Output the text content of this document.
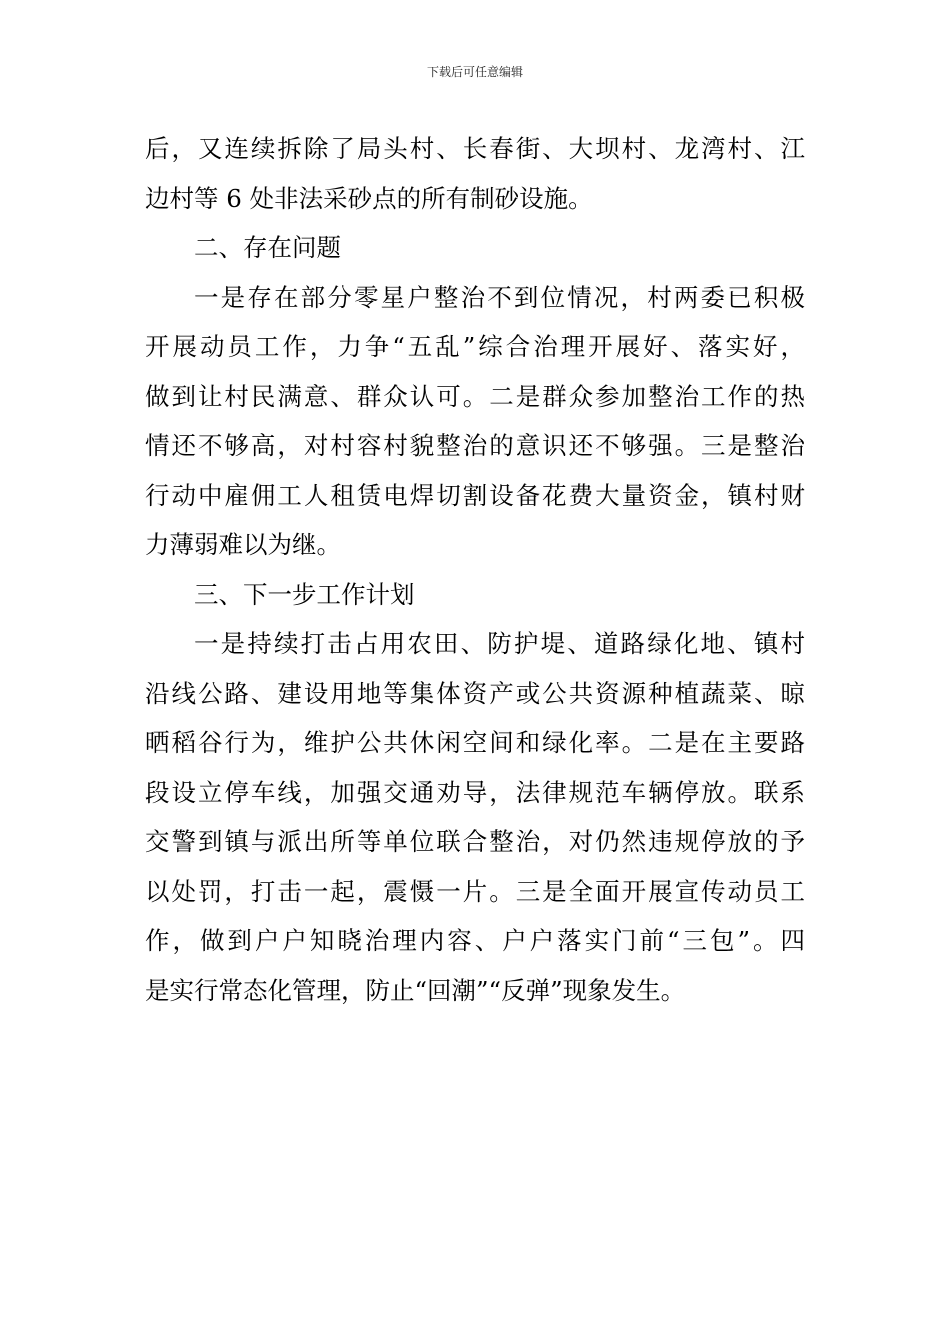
下载后可任意编辑
后，又连续拆除了局头村、长春街、大坝村、龙湾村、江
边村等 6 处非法采砂点的所有制砂设施。
二、存在问题
一是存在部分零星户整治不到位情况，村两委已积极
开展动员工作，力争“五乱”综合治理开展好、落实好，
做到让村民满意、群众认可。二是群众参加整治工作的热
情还不够高，对村容村貌整治的意识还不够强。三是整治
行动中雇佣工人租赁电焊切割设备花费大量资金，镇村财
力薄弱难以为继。
三、下一步工作计划
一是持续打击占用农田、防护堤、道路绿化地、镇村
沿线公路、建设用地等集体资产或公共资源种植蔬菜、晾
晒稻谷行为，维护公共休闲空间和绿化率。二是在主要路
段设立停车线，加强交通劝导，法律规范车辆停放。联系
交警到镇与派出所等单位联合整治，对仍然违规停放的予
以处罚，打击一起，震慑一片。三是全面开展宣传动员工
作，做到户户知晓治理内容、户户落实门前“三包”。四
是实行常态化管理，防止“回潮”“反弹”现象发生。
